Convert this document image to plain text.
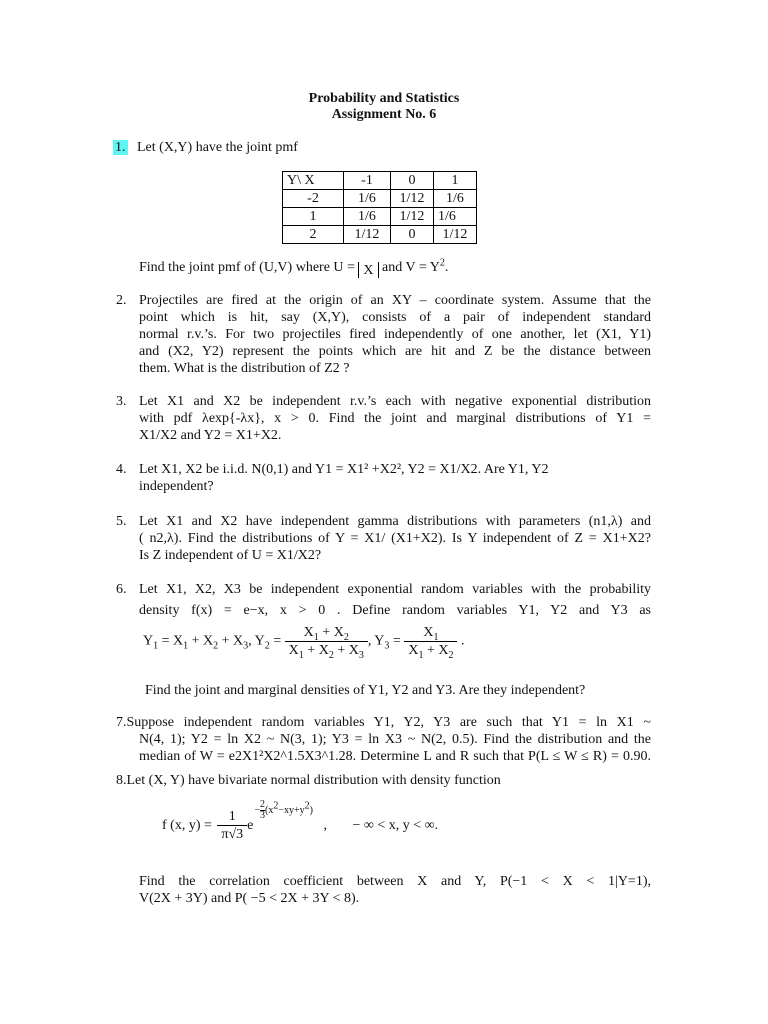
Probability and Statistics
Assignment No. 6
1. Let (X,Y) have the joint pmf
Y\ X	-1	0	1
-2	1/6	1/12	1/6
1	1/6	1/12	1/6
2	1/12	0	1/12
Find the joint pmf of (U,V) where U = X and $V = Y^2$.
2. Projectiles are fired at the origin of an XY – coordinate system. Assume that the
point which is hit, say (X,Y), consists of a pair of independent standard
normal r.v.’s. For two projectiles fired independently of one another, let (X1, Y1)
and (X2, Y2) represent the points which are hit and Z be the distance between
them. What is the distribution of Z2 ?
3. Let X1 and X2 be independent r.v.’s each with negative exponential distribution
with pdf λexp{-λx}, x > 0. Find the joint and marginal distributions of Y1 =
X1/X2 and Y2 = X1+X2.
4. Let X1, X2 be i.i.d. N(0,1) and Y1 = X1² +X2², Y2 = X1/X2. Are Y1, Y2
independent?
5. Let X1 and X2 have independent gamma distributions with parameters (n1,λ) and
( n2,λ). Find the distributions of Y = X1/ (X1+X2). Is Y independent of Z = X1+X2?
Is Z independent of U = X1/X2?
6. Let X1, X2, X3 be independent exponential random variables with the probability
density f(x) = e−x, x > 0 . Define random variables Y1, Y2 and Y3 as
$Y_1 = X_1 + X_2 + X_3$, $Y_2 = \frac{X_1 + X_2}{X_1 + X_2 + X_3}$ , $Y_3 = \frac{X_1}{X_1 + X_2}$ .
Find the joint and marginal densities of Y1, Y2 and Y3. Are they independent?
7.Suppose independent random variables Y1, Y2, Y3 are such that Y1 = ln X1 ~
N(4, 1); Y2 = ln X2 ~ N(3, 1); Y3 = ln X3 ~ N(2, 0.5). Find the distribution and the
median of W = e2X1²X2^1.5X3^1.28. Determine L and R such that P(L ≤ W ≤ R) = 0.90.
8.Let (X, Y) have bivariate normal distribution with density function
f (x, $y) = \frac{1}{\pi√3} e^{- \frac{2}{3} (x^2-xy+y^2)}$ , − ∞ < x, y < ∞.
Find the correlation coefficient between X and Y, P(−1 < X < 1|Y=1),
V(2X + 3Y) and P( −5 < 2X + 3Y < 8).
